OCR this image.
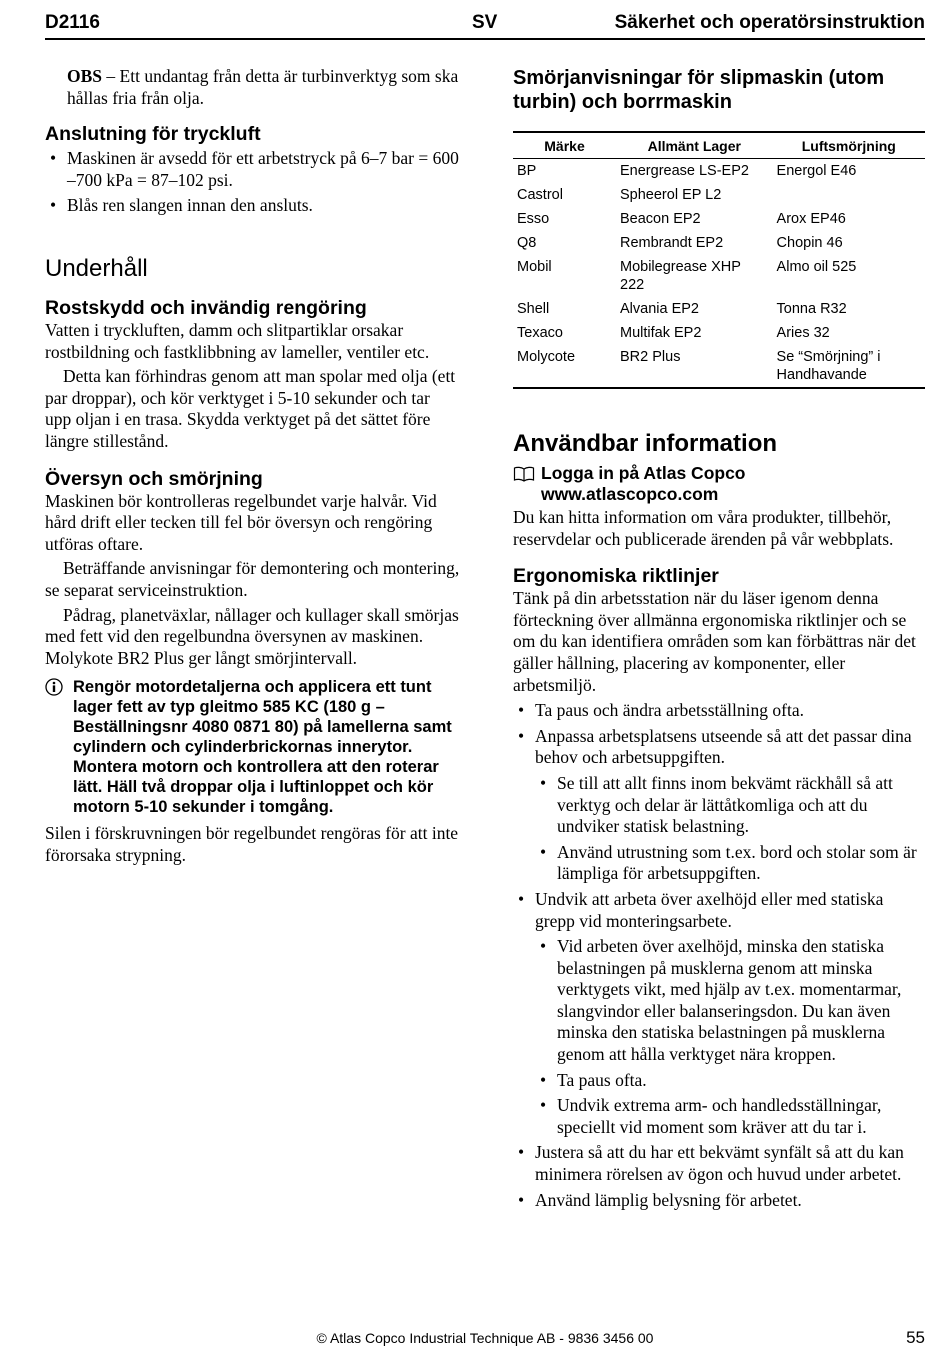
D2116	SV	Säkerhet och operatörsinstruktion

OBS – Ett undantag från detta är turbinverktyg som ska hållas fria från olja.

Anslutning för tryckluft
• Maskinen är avsedd för ett arbetstryck på 6–7 bar = 600 –700 kPa = 87–102 psi.
• Blås ren slangen innan den ansluts.
Underhåll
Rostskydd och invändig rengöring

Vatten i tryckluften, damm och slitpartiklar orsakar rostbildning och fastklibbning av lameller, ventiler etc.

Detta kan förhindras genom att man spolar med olja (ett par droppar), och kör verktyget i 5-10 sekunder och tar upp oljan i en trasa. Skydda verktyget på det sättet före längre stillestånd.

Översyn och smörjning

Maskinen bör kontrolleras regelbundet varje halvår. Vid hård drift eller tecken till fel bör översyn och rengöring utföras oftare.

Beträffande anvisningar för demontering och montering, se separat serviceinstruktion.

Pådrag, planetväxlar, nållager och kullager skall smörjas med fett vid den regelbundna översynen av maskinen. Molykote BR2 Plus ger långt smörjintervall.

Rengör motordetaljerna och applicera ett tunt lager fett av typ gleitmo 585 KC (180 g – Beställningsnr 4080 0871 80) på lamellerna samt cylindern och cylinderbrickornas innerytor. Montera motorn och kontrollera att den roterar lätt. Häll två droppar olja i luftinloppet och kör motorn 5-10 sekunder i tomgång.

Silen i förskruvningen bör regelbundet rengöras för att inte förorsaka strypning.

Smörjanvisningar för slipmaskin (utom turbin) och borrmaskin
Märke	Allmänt Lager	Luftsmörjning
BP	Energrease LS-EP2	Energol E46
Castrol	Spheerol EP L2	
Esso	Beacon EP2	Arox EP46
Q8	Rembrandt EP2	Chopin 46
Mobil	Mobilegrease XHP 222	Almo oil 525
Shell	Alvania EP2	Tonna R32
Texaco	Multifak EP2	Aries 32
Molycote	BR2 Plus	Se “Smörjning” i Handhavande
Användbar information
Logga in på Atlas Copco
www.atlascopco.com

Du kan hitta information om våra produkter, tillbehör, reservdelar och publicerade ärenden på vår webbplats.

Ergonomiska riktlinjer

Tänk på din arbetsstation när du läser igenom denna förteckning över allmänna ergonomiska riktlinjer och se om du kan identifiera områden som kan förbättras när det gäller hållning, placering av komponenter, eller arbetsmiljö.

• Ta paus och ändra arbetsställning ofta.
• Anpassa arbetsplatsens utseende så att det passar dina behov och arbetsuppgiften.
• Se till att allt finns inom bekvämt räckhåll så att verktyg och delar är lättåtkomliga och att du undviker statisk belastning.
• Använd utrustning som t.ex. bord och stolar som är lämpliga för arbetsuppgiften.
• Undvik att arbeta över axelhöjd eller med statiska grepp vid monteringsarbete.
• Vid arbeten över axelhöjd, minska den statiska belastningen på musklerna genom att minska verktygets vikt, med hjälp av t.ex. momentarmar, slangvindor eller balanseringsdon. Du kan även minska den statiska belastningen på musklerna genom att hålla verktyget nära kroppen.
• Ta paus ofta.
• Undvik extrema arm- och handledsställningar, speciellt vid moment som kräver att du tar i.
• Justera så att du har ett bekvämt synfält så att du kan minimera rörelsen av ögon och huvud under arbetet.
• Använd lämplig belysning för arbetet.
© Atlas Copco Industrial Technique AB - 9836 3456 00	55
